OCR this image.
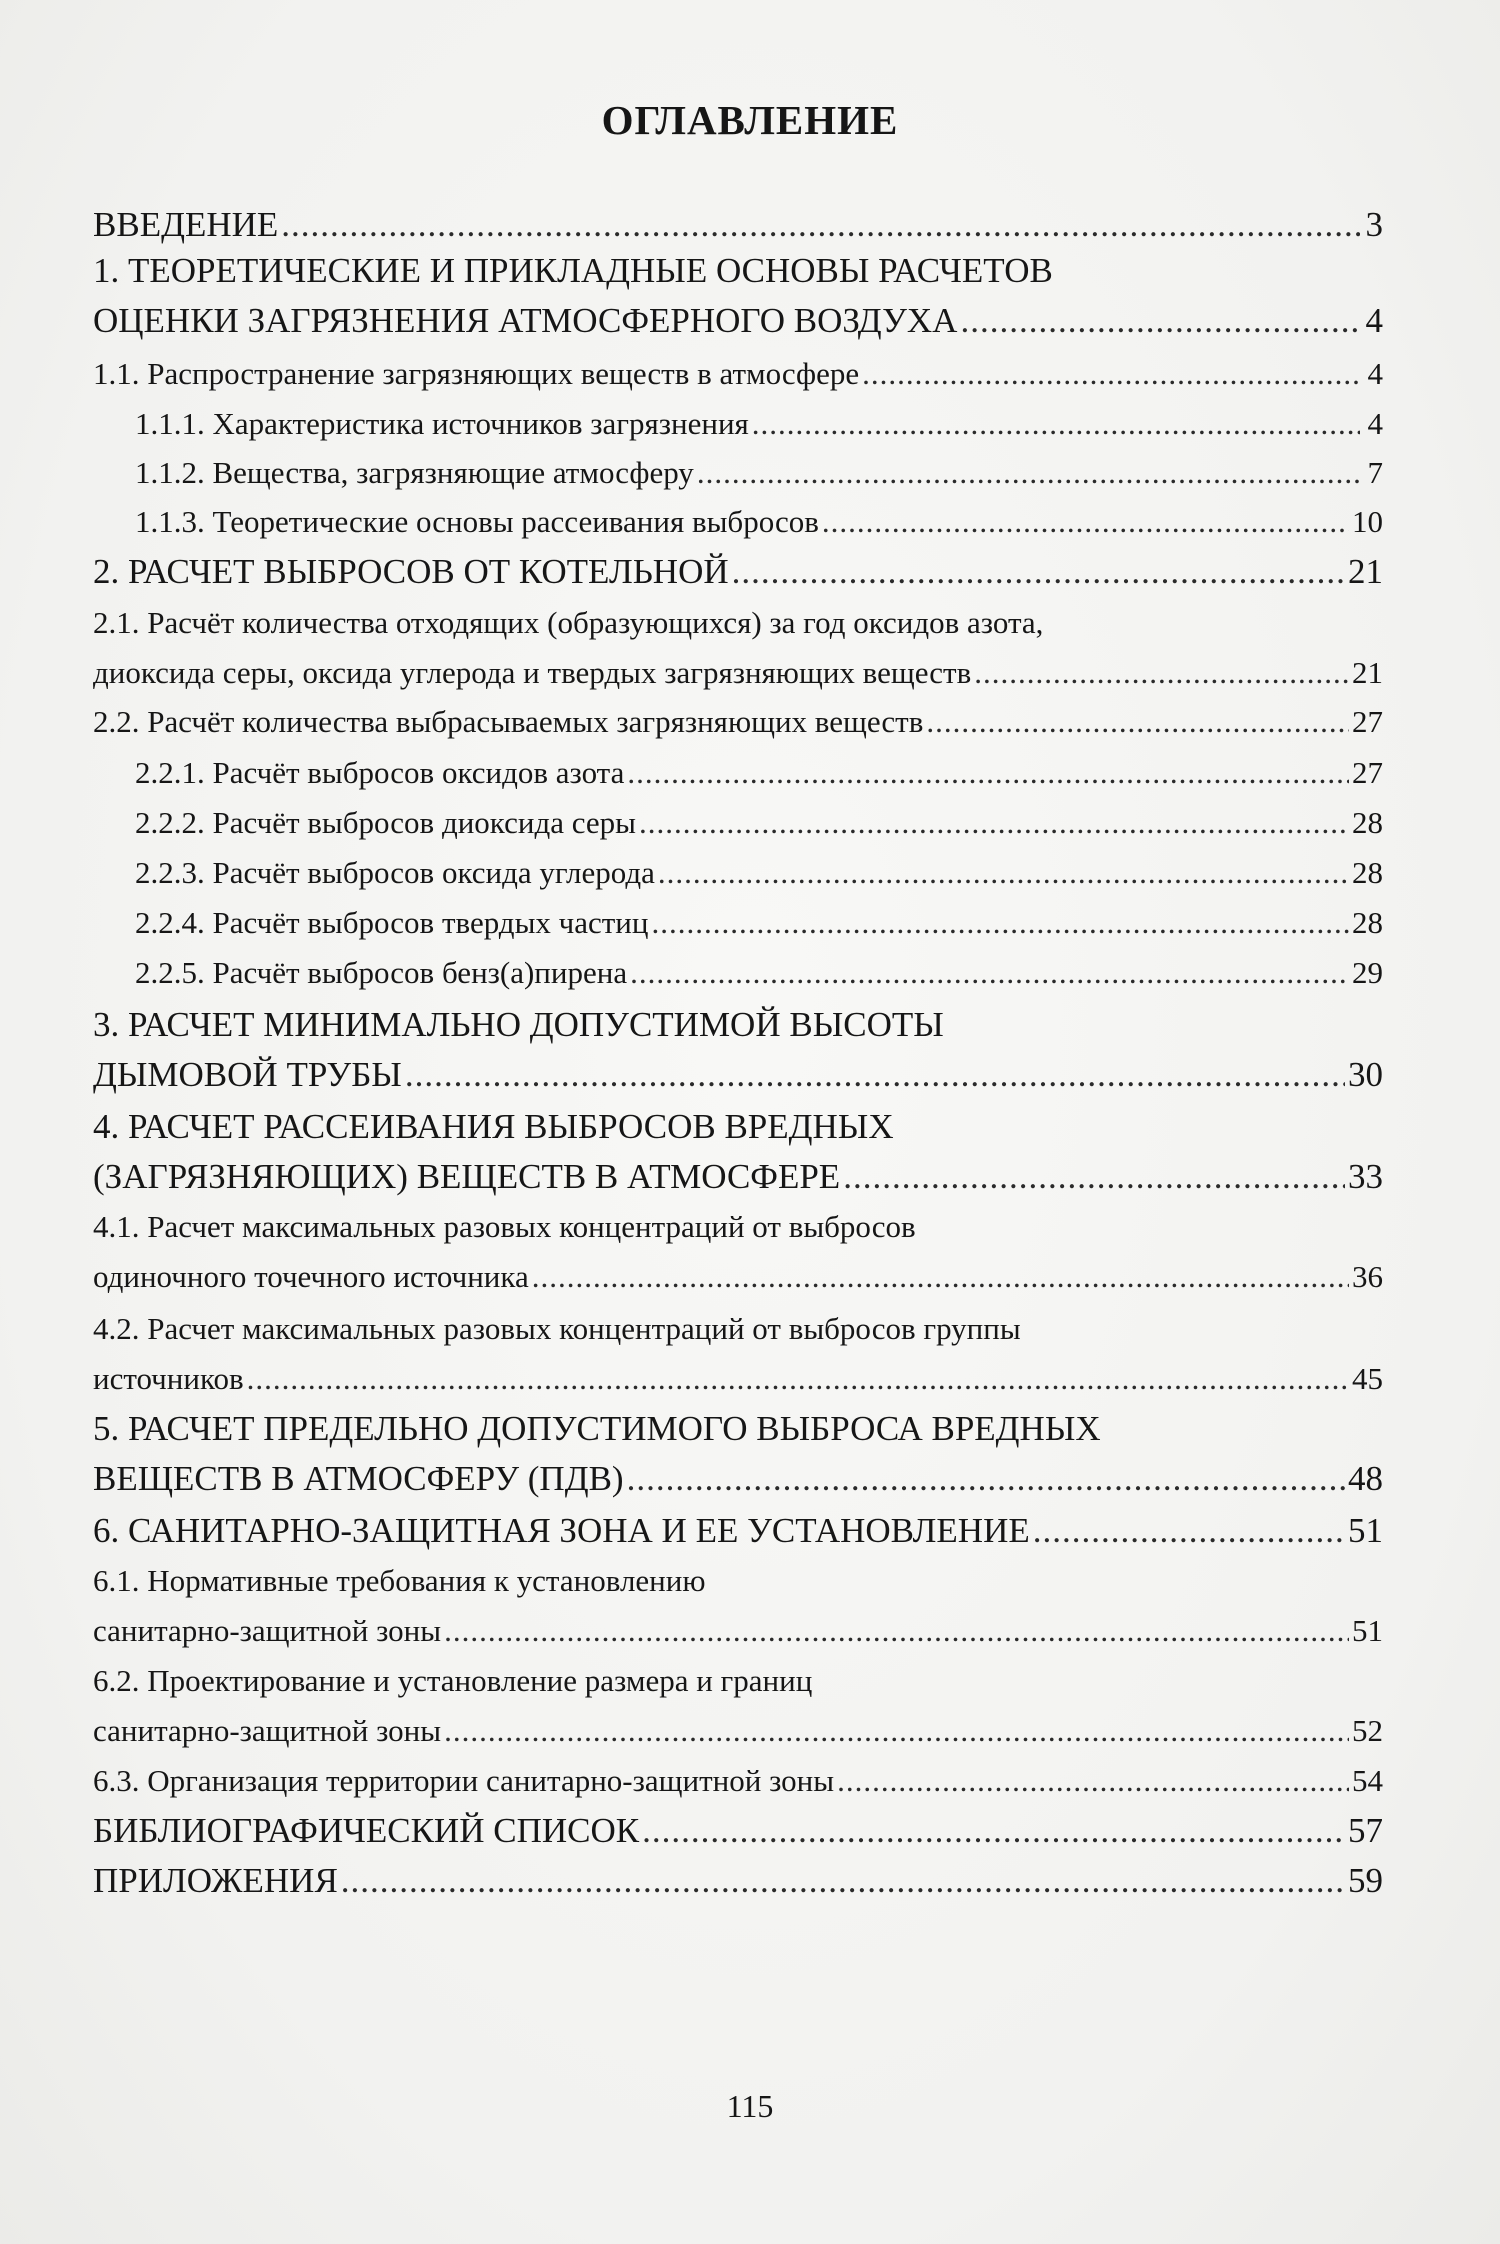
ОГЛАВЛЕНИЕ
ВВЕДЕНИЕ .....	3
1. ТЕОРЕТИЧЕСКИЕ И ПРИКЛАДНЫЕ ОСНОВЫ РАСЧЕТОВ
ОЦЕНКИ ЗАГРЯЗНЕНИЯ АТМОСФЕРНОГО ВОЗДУХА .....	4
1.1. Распространение загрязняющих веществ в атмосфере .....	4
1.1.1. Характеристика источников загрязнения .....	4
1.1.2. Вещества, загрязняющие атмосферу .....	7
1.1.3. Теоретические основы рассеивания выбросов .....	10
2. РАСЧЕТ ВЫБРОСОВ ОТ КОТЕЛЬНОЙ .....	21
2.1. Расчёт количества отходящих (образующихся) за год оксидов азота,
диоксида серы, оксида углерода и твердых загрязняющих веществ .....	21
2.2. Расчёт количества выбрасываемых загрязняющих веществ .....	27
2.2.1. Расчёт выбросов оксидов азота .....	27
2.2.2. Расчёт выбросов диоксида серы .....	28
2.2.3. Расчёт выбросов оксида углерода .....	28
2.2.4. Расчёт выбросов твердых частиц .....	28
2.2.5. Расчёт выбросов бенз(а)пирена .....	29
3. РАСЧЕТ МИНИМАЛЬНО ДОПУСТИМОЙ ВЫСОТЫ
ДЫМОВОЙ ТРУБЫ .....	30
4. РАСЧЕТ РАССЕИВАНИЯ ВЫБРОСОВ ВРЕДНЫХ
(ЗАГРЯЗНЯЮЩИХ) ВЕЩЕСТВ В АТМОСФЕРЕ .....	33
4.1. Расчет максимальных разовых концентраций от выбросов
одиночного точечного источника .....	36
4.2. Расчет максимальных разовых концентраций от выбросов группы
источников .....	45
5. РАСЧЕТ ПРЕДЕЛЬНО ДОПУСТИМОГО ВЫБРОСА ВРЕДНЫХ
ВЕЩЕСТВ В АТМОСФЕРУ (ПДВ) .....	48
6. САНИТАРНО-ЗАЩИТНАЯ ЗОНА И ЕЕ УСТАНОВЛЕНИЕ .....	51
6.1. Нормативные требования к установлению
санитарно-защитной зоны .....	51
6.2. Проектирование и установление размера и границ
санитарно-защитной зоны .....	52
6.3. Организация территории санитарно-защитной зоны .....	54
БИБЛИОГРАФИЧЕСКИЙ СПИСОК .....	57
ПРИЛОЖЕНИЯ .....	59
115
